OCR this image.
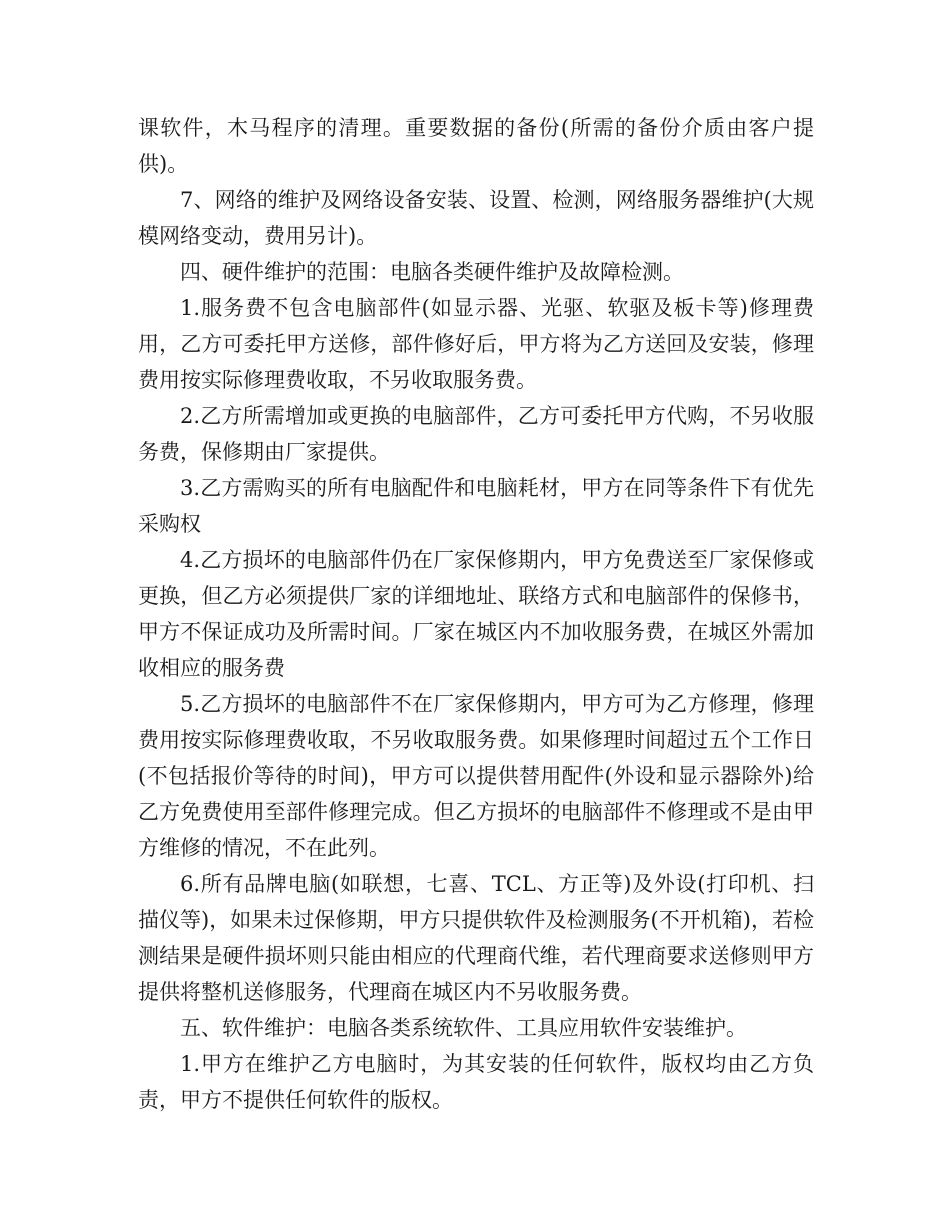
课软件，木马程序的清理。重要数据的备份(所需的备份介质由客户提供)。

7、网络的维护及网络设备安装、设置、检测，网络服务器维护(大规模网络变动，费用另计)。

四、硬件维护的范围：电脑各类硬件维护及故障检测。

1.服务费不包含电脑部件(如显示器、光驱、软驱及板卡等)修理费用，乙方可委托甲方送修，部件修好后，甲方将为乙方送回及安装，修理费用按实际修理费收取，不另收取服务费。

2.乙方所需增加或更换的电脑部件，乙方可委托甲方代购，不另收服务费，保修期由厂家提供。

3.乙方需购买的所有电脑配件和电脑耗材，甲方在同等条件下有优先采购权

4.乙方损坏的电脑部件仍在厂家保修期内，甲方免费送至厂家保修或更换，但乙方必须提供厂家的详细地址、联络方式和电脑部件的保修书，甲方不保证成功及所需时间。厂家在城区内不加收服务费，在城区外需加收相应的服务费

5.乙方损坏的电脑部件不在厂家保修期内，甲方可为乙方修理，修理费用按实际修理费收取，不另收取服务费。如果修理时间超过五个工作日(不包括报价等待的时间)，甲方可以提供替用配件(外设和显示器除外)给乙方免费使用至部件修理完成。但乙方损坏的电脑部件不修理或不是由甲方维修的情况，不在此列。

6.所有品牌电脑(如联想，七喜、TCL、方正等)及外设(打印机、扫描仪等)，如果未过保修期，甲方只提供软件及检测服务(不开机箱)，若检测结果是硬件损坏则只能由相应的代理商代维，若代理商要求送修则甲方提供将整机送修服务，代理商在城区内不另收服务费。

五、软件维护：电脑各类系统软件、工具应用软件安装维护。

1.甲方在维护乙方电脑时，为其安装的任何软件，版权均由乙方负责，甲方不提供任何软件的版权。
